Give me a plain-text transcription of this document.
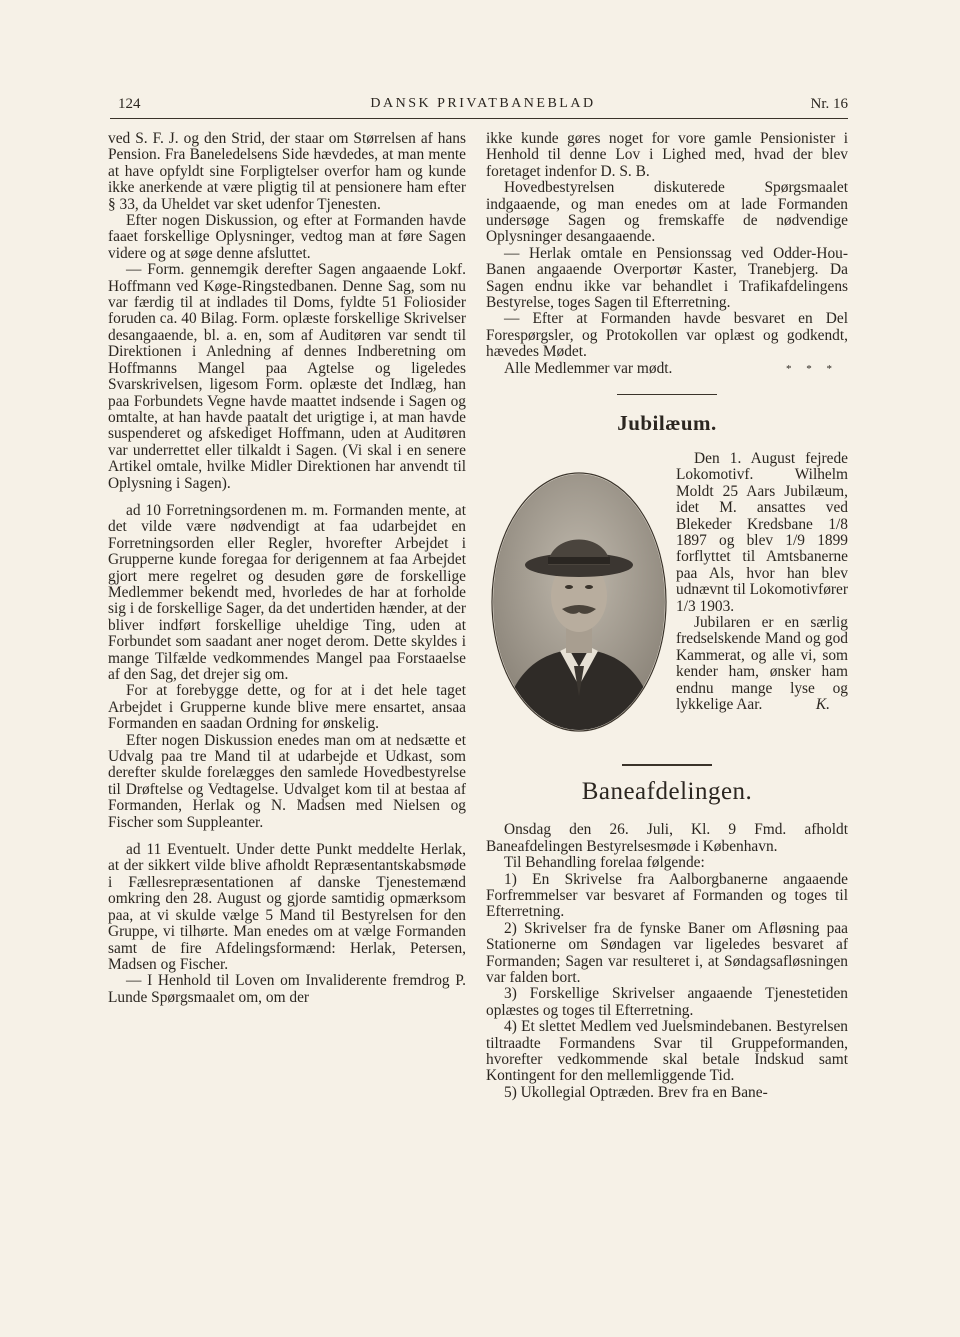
124	DANSK PRIVATBANEBLAD	Nr. 16

ved S. F. J. og den Strid, der staar om Størrelsen af hans Pension. Fra Baneledelsens Side hævdedes, at man mente at have opfyldt sine Forpligtelser overfor ham og kunde ikke anerkende at være pligtig til at pensionere ham efter § 33, da Uheldet var sket udenfor Tjenesten.

Efter nogen Diskussion, og efter at Formanden havde faaet forskellige Oplysninger, vedtog man at føre Sagen videre og at søge denne afsluttet.

— Form. gennemgik derefter Sagen angaaende Lokf. Hoffmann ved Køge-Ringstedbanen. Denne Sag, som nu var færdig til at indlades til Doms, fyldte 51 Foliosider foruden ca. 40 Bilag. Form. oplæste forskellige Skrivelser desangaaende, bl. a. en, som af Auditøren var sendt til Direktionen i Anledning af dennes Indberetning om Hoffmanns Mangel paa Agtelse og ligeledes Svarskrivelsen, ligesom Form. oplæste det Indlæg, han paa Forbundets Vegne havde maattet indsende i Sagen og omtalte, at han havde paatalt det urigtige i, at man havde suspenderet og afskediget Hoffmann, uden at Auditøren var underrettet eller tilkaldt i Sagen. (Vi skal i en senere Artikel omtale, hvilke Midler Direktionen har anvendt til Oplysning i Sagen).

ad 10 Forretningsordenen m. m. Formanden mente, at det vilde være nødvendigt at faa udarbejdet en Forretningsorden eller Regler, hvorefter Arbejdet i Grupperne kunde foregaa for derigennem at faa Arbejdet gjort mere regelret og desuden gøre de forskellige Medlemmer bekendt med, hvorledes de har at forholde sig i de forskellige Sager, da det undertiden hænder, at der bliver indført forskellige uheldige Ting, uden at Forbundet som saadant aner noget derom. Dette skyldes i mange Tilfælde vedkommendes Mangel paa Forstaaelse af den Sag, det drejer sig om.

For at forebygge dette, og for at i det hele taget Arbejdet i Grupperne kunde blive mere ensartet, ansaa Formanden en saadan Ordning for ønskelig.

Efter nogen Diskussion enedes man om at nedsætte et Udvalg paa tre Mand til at udarbejde et Udkast, som derefter skulde forelægges den samlede Hovedbestyrelse til Drøftelse og Vedtagelse. Udvalget kom til at bestaa af Formanden, Herlak og N. Madsen med Nielsen og Fischer som Suppleanter.

ad 11 Eventuelt. Under dette Punkt meddelte Herlak, at der sikkert vilde blive afholdt Repræsentantskabsmøde i Fællesrepræsentationen af danske Tjenestemænd omkring den 28. August og gjorde samtidig opmærksom paa, at vi skulde vælge 5 Mand til Bestyrelsen for den Gruppe, vi tilhørte. Man enedes om at vælge Formanden samt de fire Afdelingsformænd: Herlak, Petersen, Madsen og Fischer.

— I Henhold til Loven om Invaliderente fremdrog P. Lunde Spørgsmaalet om, om der

ikke kunde gøres noget for vore gamle Pensionister i Henhold til denne Lov i Lighed med, hvad der blev foretaget indenfor D. S. B.

Hovedbestyrelsen diskuterede Spørgsmaalet indgaaende, og man enedes om at lade Formanden undersøge Sagen og fremskaffe de nødvendige Oplysninger desangaaende.

— Herlak omtale en Pensionssag ved Odder-Hou-Banen angaaende Overportør Kaster, Tranebjerg. Da Sagen endnu ikke var behandlet i Trafikafdelingens Bestyrelse, toges Sagen til Efterretning.

— Efter at Formanden havde besvaret en Del Forespørgsler, og Protokollen var oplæst og godkendt, hævedes Mødet.

Alle Medlemmer var mødt.	* * *
Jubilæum.

Den 1. August fejrede Lokomotivf. Wilhelm Moldt 25 Aars Jubilæum, idet M. ansattes ved Blekeder Kredsbane 1/8 1897 og blev 1/9 1899 forflyttet til Amtsbanerne paa Als, hvor han blev udnævnt til Lokomotivfører 1/3 1903.

Jubilaren er en særlig fredselskende Mand og god Kammerat, og alle vi, som kender ham, ønsker ham endnu mange lyse og lykkelige Aar.	K.
Baneafdelingen.

Onsdag den 26. Juli, Kl. 9 Fmd. afholdt Baneafdelingen Bestyrelsesmøde i København.

Til Behandling forelaa følgende:

1) En Skrivelse fra Aalborgbanerne angaaende Forfremmelser var besvaret af Formanden og toges til Efterretning.

2) Skrivelser fra de fynske Baner om Afløsning paa Stationerne om Søndagen var ligeledes besvaret af Formanden; Sagen var resulteret i, at Søndagsafløsningen var falden bort.

3) Forskellige Skrivelser angaaende Tjenestetiden oplæstes og toges til Efterretning.

4) Et slettet Medlem ved Juelsmindebanen. Bestyrelsen tiltraadte Formandens Svar til Gruppeformanden, hvorefter vedkommende skal betale Indskud samt Kontingent for den mellemliggende Tid.

5) Ukollegial Optræden. Brev fra en Bane-
